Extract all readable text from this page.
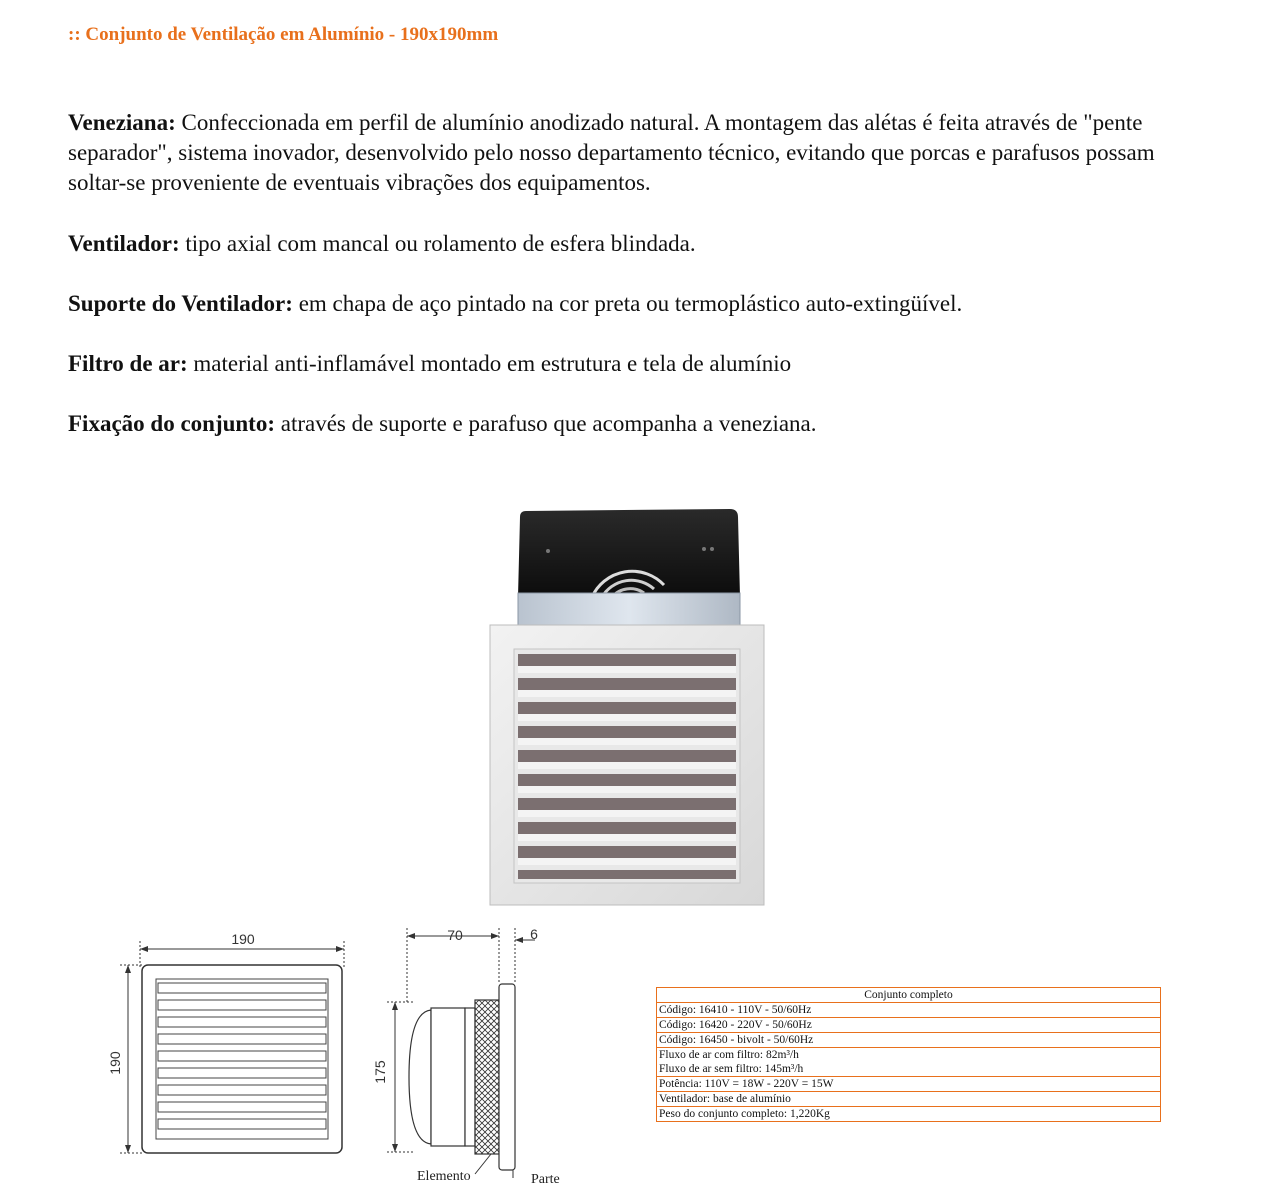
:: Conjunto de Ventilação em Alumínio - 190x190mm

Veneziana: Confeccionada em perfil de alumínio anodizado natural. A montagem das alétas é feita através de "pente separador", sistema inovador, desenvolvido pelo nosso departamento técnico, evitando que porcas e parafusos possam soltar-se proveniente de eventuais vibrações dos equipamentos.

Ventilador: tipo axial com mancal ou rolamento de esfera blindada.

Suporte do Ventilador: em chapa de aço pintado na cor preta ou termoplástico auto-extingüível.

Filtro de ar: material anti-inflamável montado em estrutura e tela de alumínio

Fixação do conjunto: através de suporte e parafuso que acompanha a veneziana.

190
190
70	6
175
Elemento	Parte
Conjunto completo
Código: 16410 - 110V - 50/60Hz
Código: 16420 - 220V - 50/60Hz
Código: 16450 - bivolt - 50/60Hz
Fluxo de ar com filtro: 82m³/h
Fluxo de ar sem filtro: 145m³/h
Potência: 110V = 18W - 220V = 15W
Ventilador: base de alumínio
Peso do conjunto completo: 1,220Kg
